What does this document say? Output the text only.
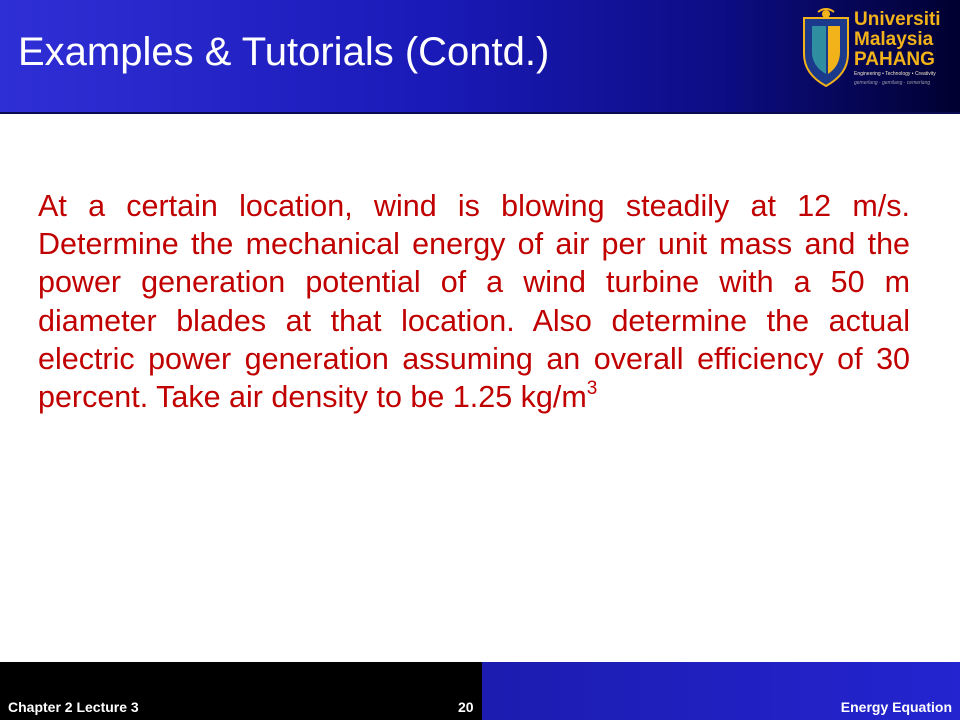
Examples & Tutorials (Contd.)
Universiti
Malaysia
PAHANG
Engineering • Technology • Creativity
gemerlang · gemilang · cemerlang
At a certain location, wind is blowing steadily at 12 m/s. Determine the mechanical energy of air per unit mass and the power generation potential of a wind turbine with a 50 m diameter blades at that location. Also determine the actual electric power generation assuming an overall efficiency of 30 percent. Take air density to be 1.25 $kg/m^3$
Chapter 2 Lecture 3	20	Energy Equation
